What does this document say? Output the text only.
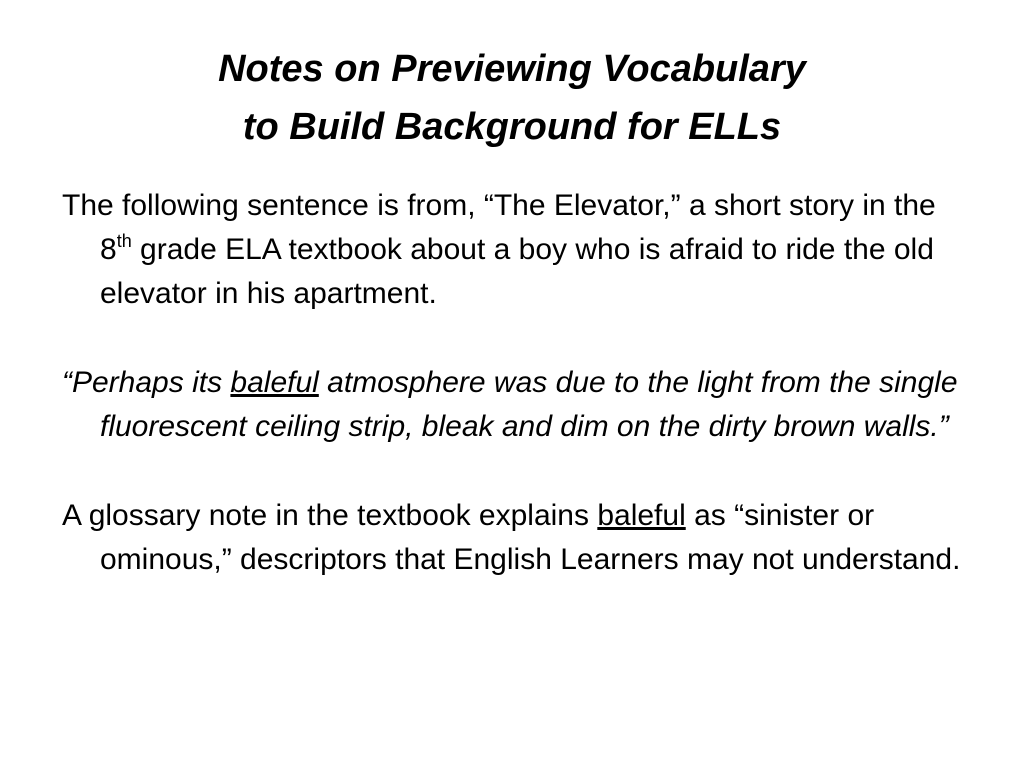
Notes on Previewing Vocabulary
to Build Background for ELLs

The following sentence is from, “The Elevator,” a short story in the 8th grade ELA textbook about a boy who is afraid to ride the old elevator in his apartment.

“Perhaps its baleful atmosphere was due to the light from the single fluorescent ceiling strip, bleak and dim on the dirty brown walls.”

A glossary note in the textbook explains baleful as “sinister or ominous,” descriptors that English Learners may not understand.
